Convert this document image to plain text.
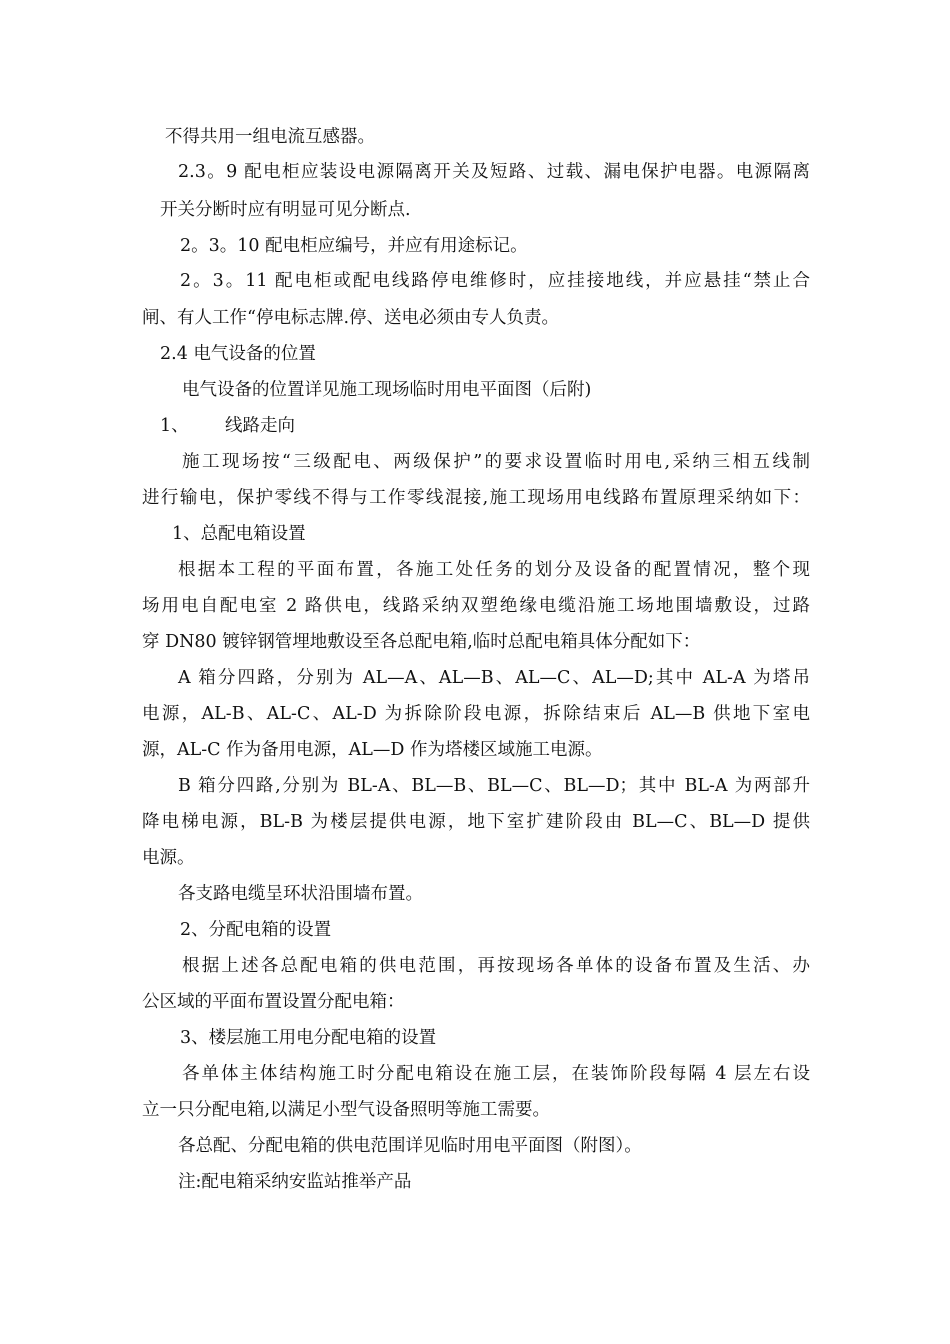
不得共用一组电流互感器。
2.3。9 配电柜应装设电源隔离开关及短路、过载、漏电保护电器。电源隔离
开关分断时应有明显可见分断点.
2。3。10 配电柜应编号，并应有用途标记。
2。3。11 配电柜或配电线路停电维修时，应挂接地线，并应悬挂“禁止合
闸、有人工作“停电标志牌.停、送电必须由专人负责。
2.4 电气设备的位置
电气设备的位置详见施工现场临时用电平面图（后附)
1、 线路走向
施工现场按“三级配电、两级保护”的要求设置临时用电,采纳三相五线制
进行输电，保护零线不得与工作零线混接,施工现场用电线路布置原理采纳如下：
1、总配电箱设置
根据本工程的平面布置，各施工处任务的划分及设备的配置情况，整个现
场用电自配电室 2 路供电，线路采纳双塑绝缘电缆沿施工场地围墙敷设，过路
穿 DN80 镀锌钢管埋地敷设至各总配电箱,临时总配电箱具体分配如下：
A 箱分四路，分别为 AL—A、AL—B、AL—C、AL—D;其中 AL-A 为塔吊
电源，AL-B、AL-C、AL-D 为拆除阶段电源，拆除结束后 AL—B 供地下室电
源，AL-C 作为备用电源，AL—D 作为塔楼区域施工电源。
B 箱分四路,分别为 BL-A、BL—B、BL—C、BL—D；其中 BL-A 为两部升
降电梯电源，BL-B 为楼层提供电源，地下室扩建阶段由 BL—C、BL—D 提供
电源。
各支路电缆呈环状沿围墙布置。
2、分配电箱的设置
根据上述各总配电箱的供电范围，再按现场各单体的设备布置及生活、办
公区域的平面布置设置分配电箱：
3、楼层施工用电分配电箱的设置
各单体主体结构施工时分配电箱设在施工层，在装饰阶段每隔 4 层左右设
立一只分配电箱,以满足小型气设备照明等施工需要。
各总配、分配电箱的供电范围详见临时用电平面图（附图）。
注:配电箱采纳安监站推举产品
